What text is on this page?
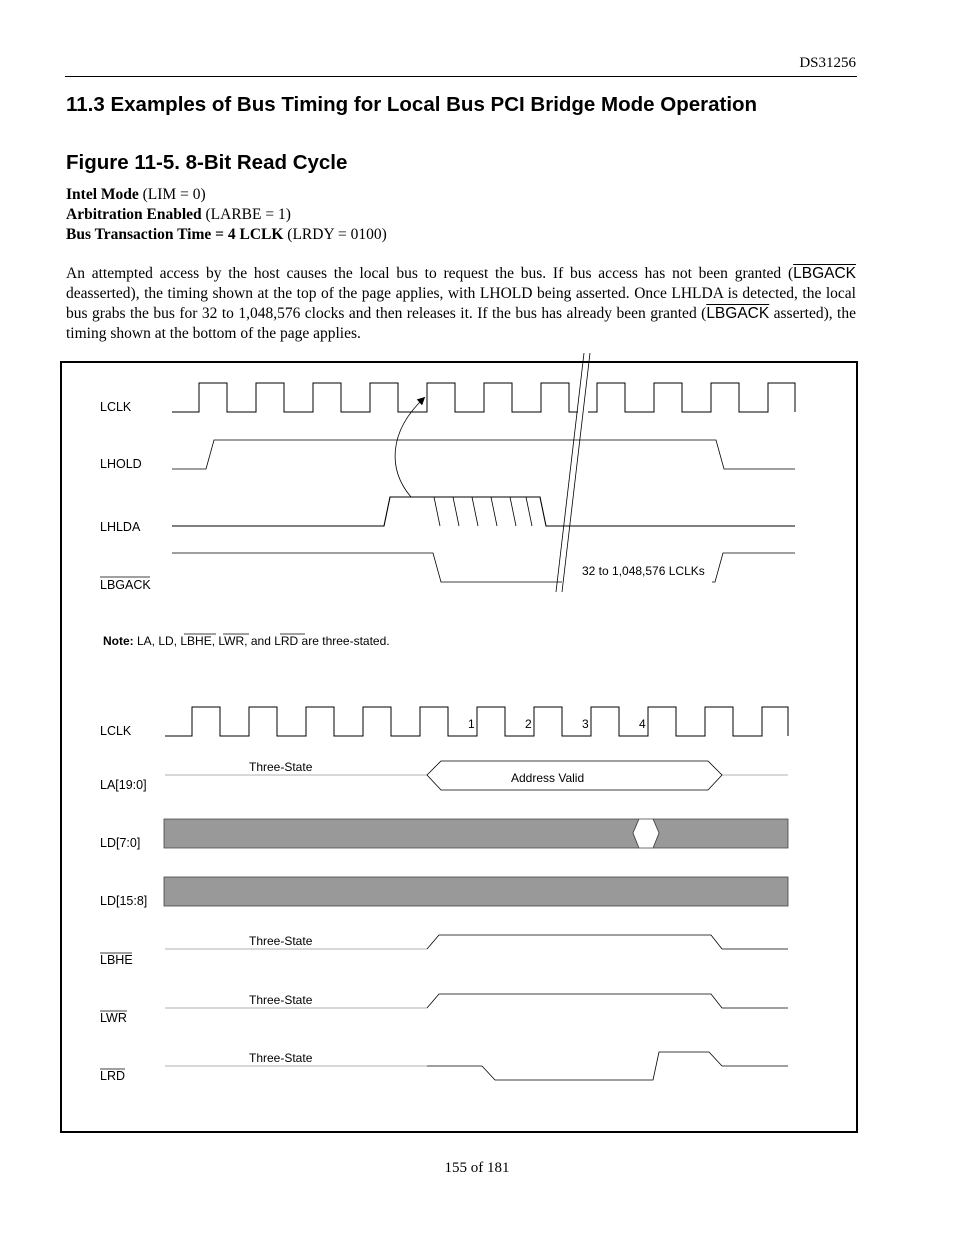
DS31256
11.3 Examples of Bus Timing for Local Bus PCI Bridge Mode Operation
Figure 11-5. 8-Bit Read Cycle
Intel Mode (LIM = 0)
Arbitration Enabled (LARBE = 1)
Bus Transaction Time = 4 LCLK (LRDY = 0100)
An attempted access by the host causes the local bus to request the bus. If bus access has not been granted (LBGACK deasserted), the timing shown at the top of the page applies, with LHOLD being asserted. Once LHLDA is detected, the local bus grabs the bus for 32 to 1,048,576 clocks and then releases it. If the bus has already been granted (LBGACK asserted), the timing shown at the bottom of the page applies.
LCLK
LHOLD
LHLDA
LBGACK
32 to 1,048,576 LCLKs
Note: LA, LD, LBHE, LWR, and LRD are three-stated.
LCLK
LA[19:0]
LD[7:0]
LD[15:8]
LBHE
LWR
LRD
1	2	3	4
Three-State
Address Valid
Three-State
Three-State
Three-State
155 of 181
